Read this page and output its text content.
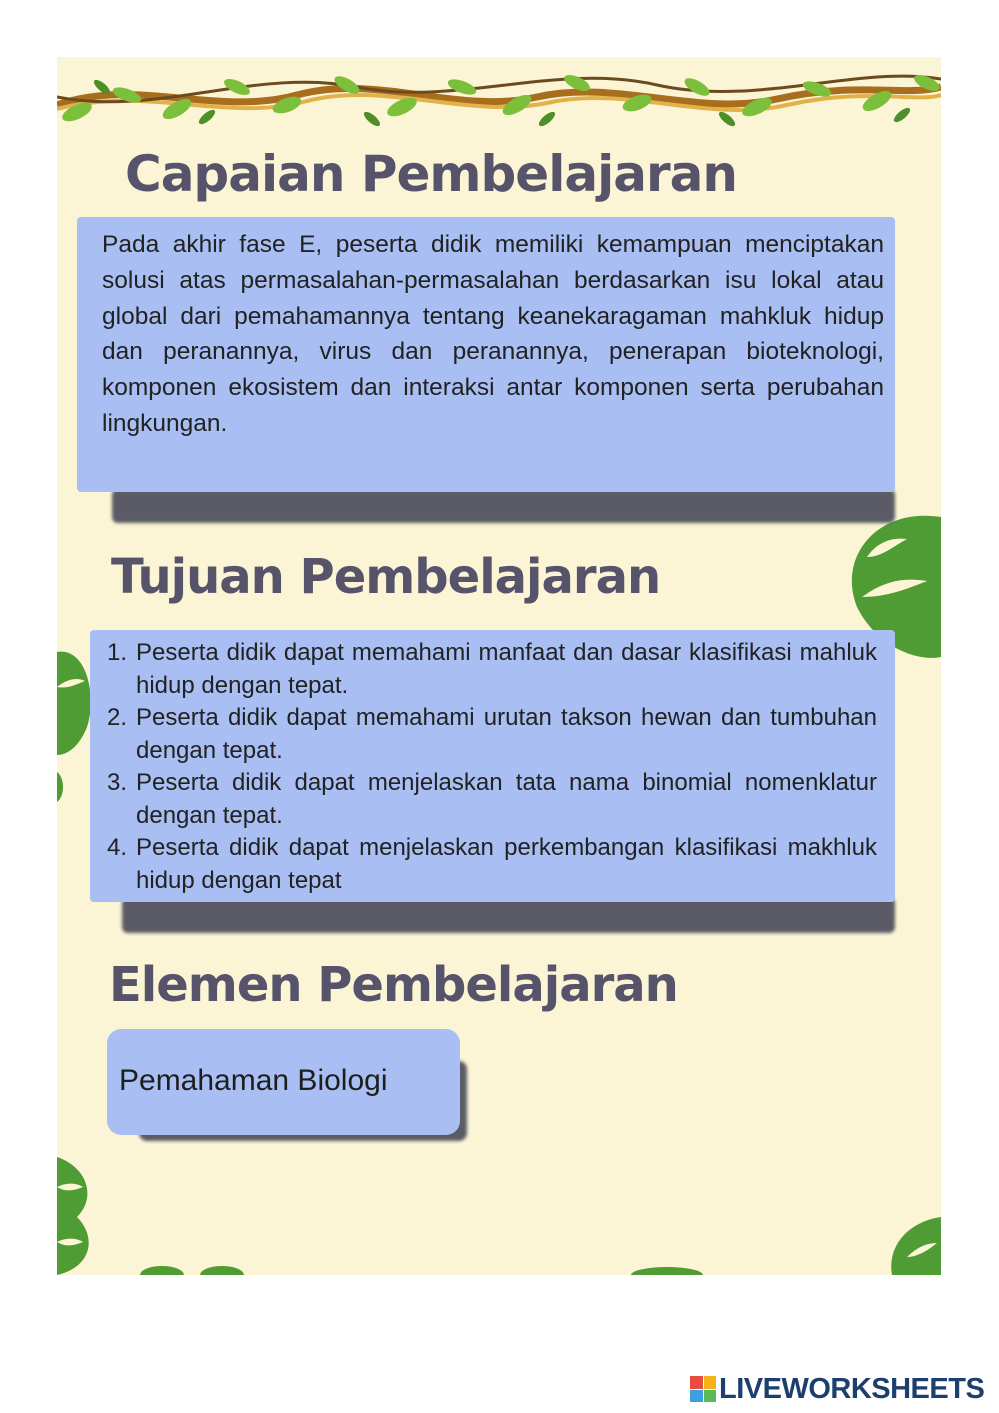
Capaian Pembelajaran

Pada akhir fase E, peserta didik memiliki kemampuan menciptakan solusi atas permasalahan-permasalahan berdasarkan isu lokal atau global dari pemahamannya tentang keanekaragaman mahkluk hidup dan peranannya, virus dan peranannya, penerapan bioteknologi, komponen ekosistem dan interaksi antar komponen serta perubahan lingkungan.

Tujuan Pembelajaran
1. Peserta didik dapat memahami manfaat dan dasar klasifikasi mahluk hidup dengan tepat.
2. Peserta didik dapat memahami urutan takson hewan dan tumbuhan dengan tepat.
3. Peserta didik dapat menjelaskan tata nama binomial nomenklatur dengan tepat.
4. Peserta didik dapat menjelaskan perkembangan klasifikasi makhluk hidup dengan tepat
Elemen Pembelajaran
Pemahaman Biologi
LIVEWORKSHEETS
